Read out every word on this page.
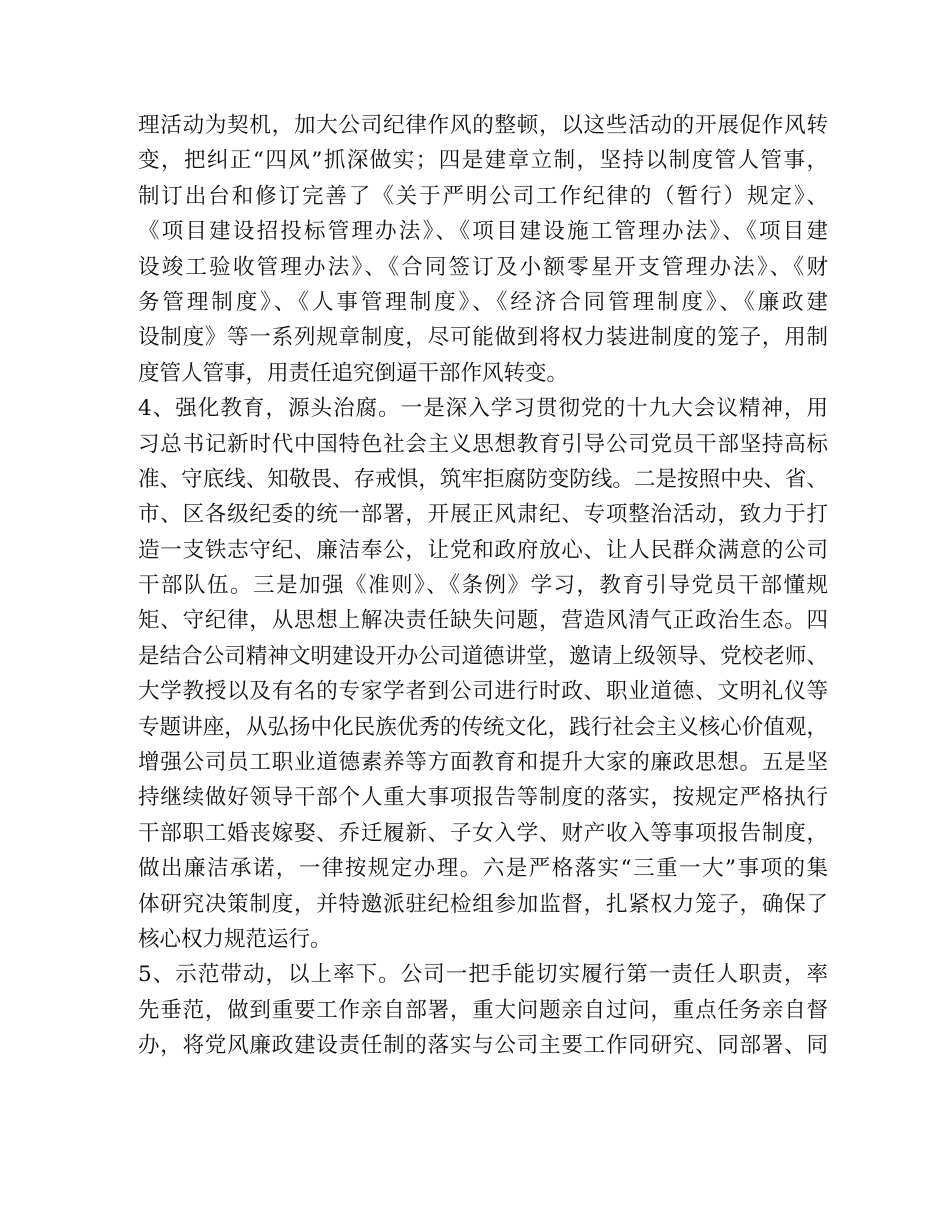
理活动为契机，加大公司纪律作风的整顿，以这些活动的开展促作风转
变，把纠正“四风”抓深做实；四是建章立制，坚持以制度管人管事，
制订出台和修订完善了《关于严明公司工作纪律的（暂行）规定》、
《项目建设招投标管理办法》、《项目建设施工管理办法》、《项目建
设竣工验收管理办法》、《合同签订及小额零星开支管理办法》、《财
务管理制度》、《人事管理制度》、《经济合同管理制度》、《廉政建
设制度》等一系列规章制度，尽可能做到将权力装进制度的笼子，用制
度管人管事，用责任追究倒逼干部作风转变。
4、强化教育，源头治腐。一是深入学习贯彻党的十九大会议精神，用
习总书记新时代中国特色社会主义思想教育引导公司党员干部坚持高标
准、守底线、知敬畏、存戒惧，筑牢拒腐防变防线。二是按照中央、省、
市、区各级纪委的统一部署，开展正风肃纪、专项整治活动，致力于打
造一支铁志守纪、廉洁奉公，让党和政府放心、让人民群众满意的公司
干部队伍。三是加强《准则》、《条例》学习，教育引导党员干部懂规
矩、守纪律，从思想上解决责任缺失问题，营造风清气正政治生态。四
是结合公司精神文明建设开办公司道德讲堂，邀请上级领导、党校老师、
大学教授以及有名的专家学者到公司进行时政、职业道德、文明礼仪等
专题讲座，从弘扬中化民族优秀的传统文化，践行社会主义核心价值观，
增强公司员工职业道德素养等方面教育和提升大家的廉政思想。五是坚
持继续做好领导干部个人重大事项报告等制度的落实，按规定严格执行
干部职工婚丧嫁娶、乔迁履新、子女入学、财产收入等事项报告制度，
做出廉洁承诺，一律按规定办理。六是严格落实“三重一大”事项的集
体研究决策制度，并特邀派驻纪检组参加监督，扎紧权力笼子，确保了
核心权力规范运行。
5、示范带动，以上率下。公司一把手能切实履行第一责任人职责，率
先垂范，做到重要工作亲自部署，重大问题亲自过问，重点任务亲自督
办，将党风廉政建设责任制的落实与公司主要工作同研究、同部署、同
